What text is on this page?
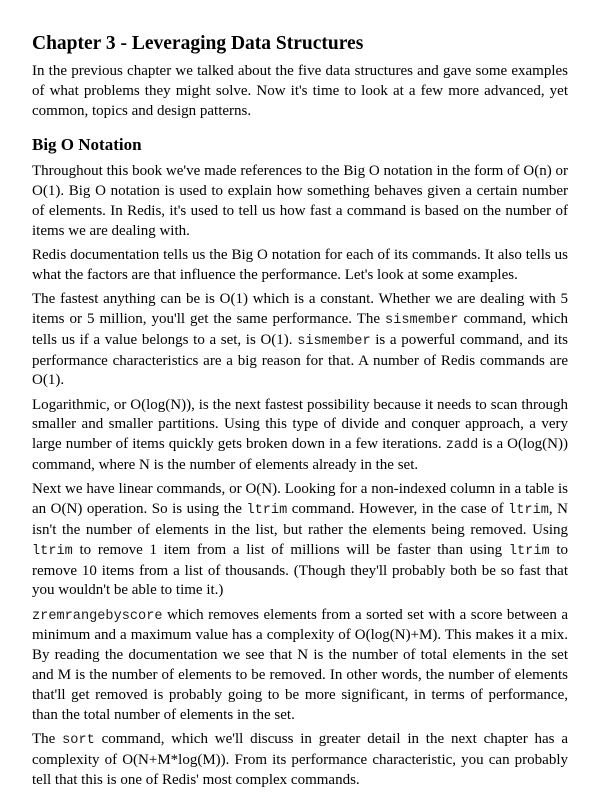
Chapter 3 - Leveraging Data Structures

In the previous chapter we talked about the five data structures and gave some examples of what problems they might solve. Now it's time to look at a few more advanced, yet common, topics and design patterns.

Big O Notation

Throughout this book we've made references to the Big O notation in the form of O(n) or O(1). Big O notation is used to explain how something behaves given a certain number of elements. In Redis, it's used to tell us how fast a command is based on the number of items we are dealing with.

Redis documentation tells us the Big O notation for each of its commands. It also tells us what the factors are that influence the performance. Let's look at some examples.

The fastest anything can be is O(1) which is a constant. Whether we are dealing with 5 items or 5 million, you'll get the same performance. The sismember command, which tells us if a value belongs to a set, is O(1). sismember is a powerful command, and its performance characteristics are a big reason for that. A number of Redis commands are O(1).

Logarithmic, or O(log(N)), is the next fastest possibility because it needs to scan through smaller and smaller partitions. Using this type of divide and conquer approach, a very large number of items quickly gets broken down in a few iterations. zadd is a O(log(N)) command, where N is the number of elements already in the set.

Next we have linear commands, or O(N). Looking for a non-indexed column in a table is an O(N) operation. So is using the ltrim command. However, in the case of ltrim, N isn't the number of elements in the list, but rather the elements being removed. Using ltrim to remove 1 item from a list of millions will be faster than using ltrim to remove 10 items from a list of thousands. (Though they'll probably both be so fast that you wouldn't be able to time it.)

zremrangebyscore which removes elements from a sorted set with a score between a minimum and a maximum value has a complexity of O(log(N)+M). This makes it a mix. By reading the documentation we see that N is the number of total elements in the set and M is the number of elements to be removed. In other words, the number of elements that'll get removed is probably going to be more significant, in terms of performance, than the total number of elements in the set.

The sort command, which we'll discuss in greater detail in the next chapter has a complexity of O(N+M*log(M)). From its performance characteristic, you can probably tell that this is one of Redis' most complex commands.
